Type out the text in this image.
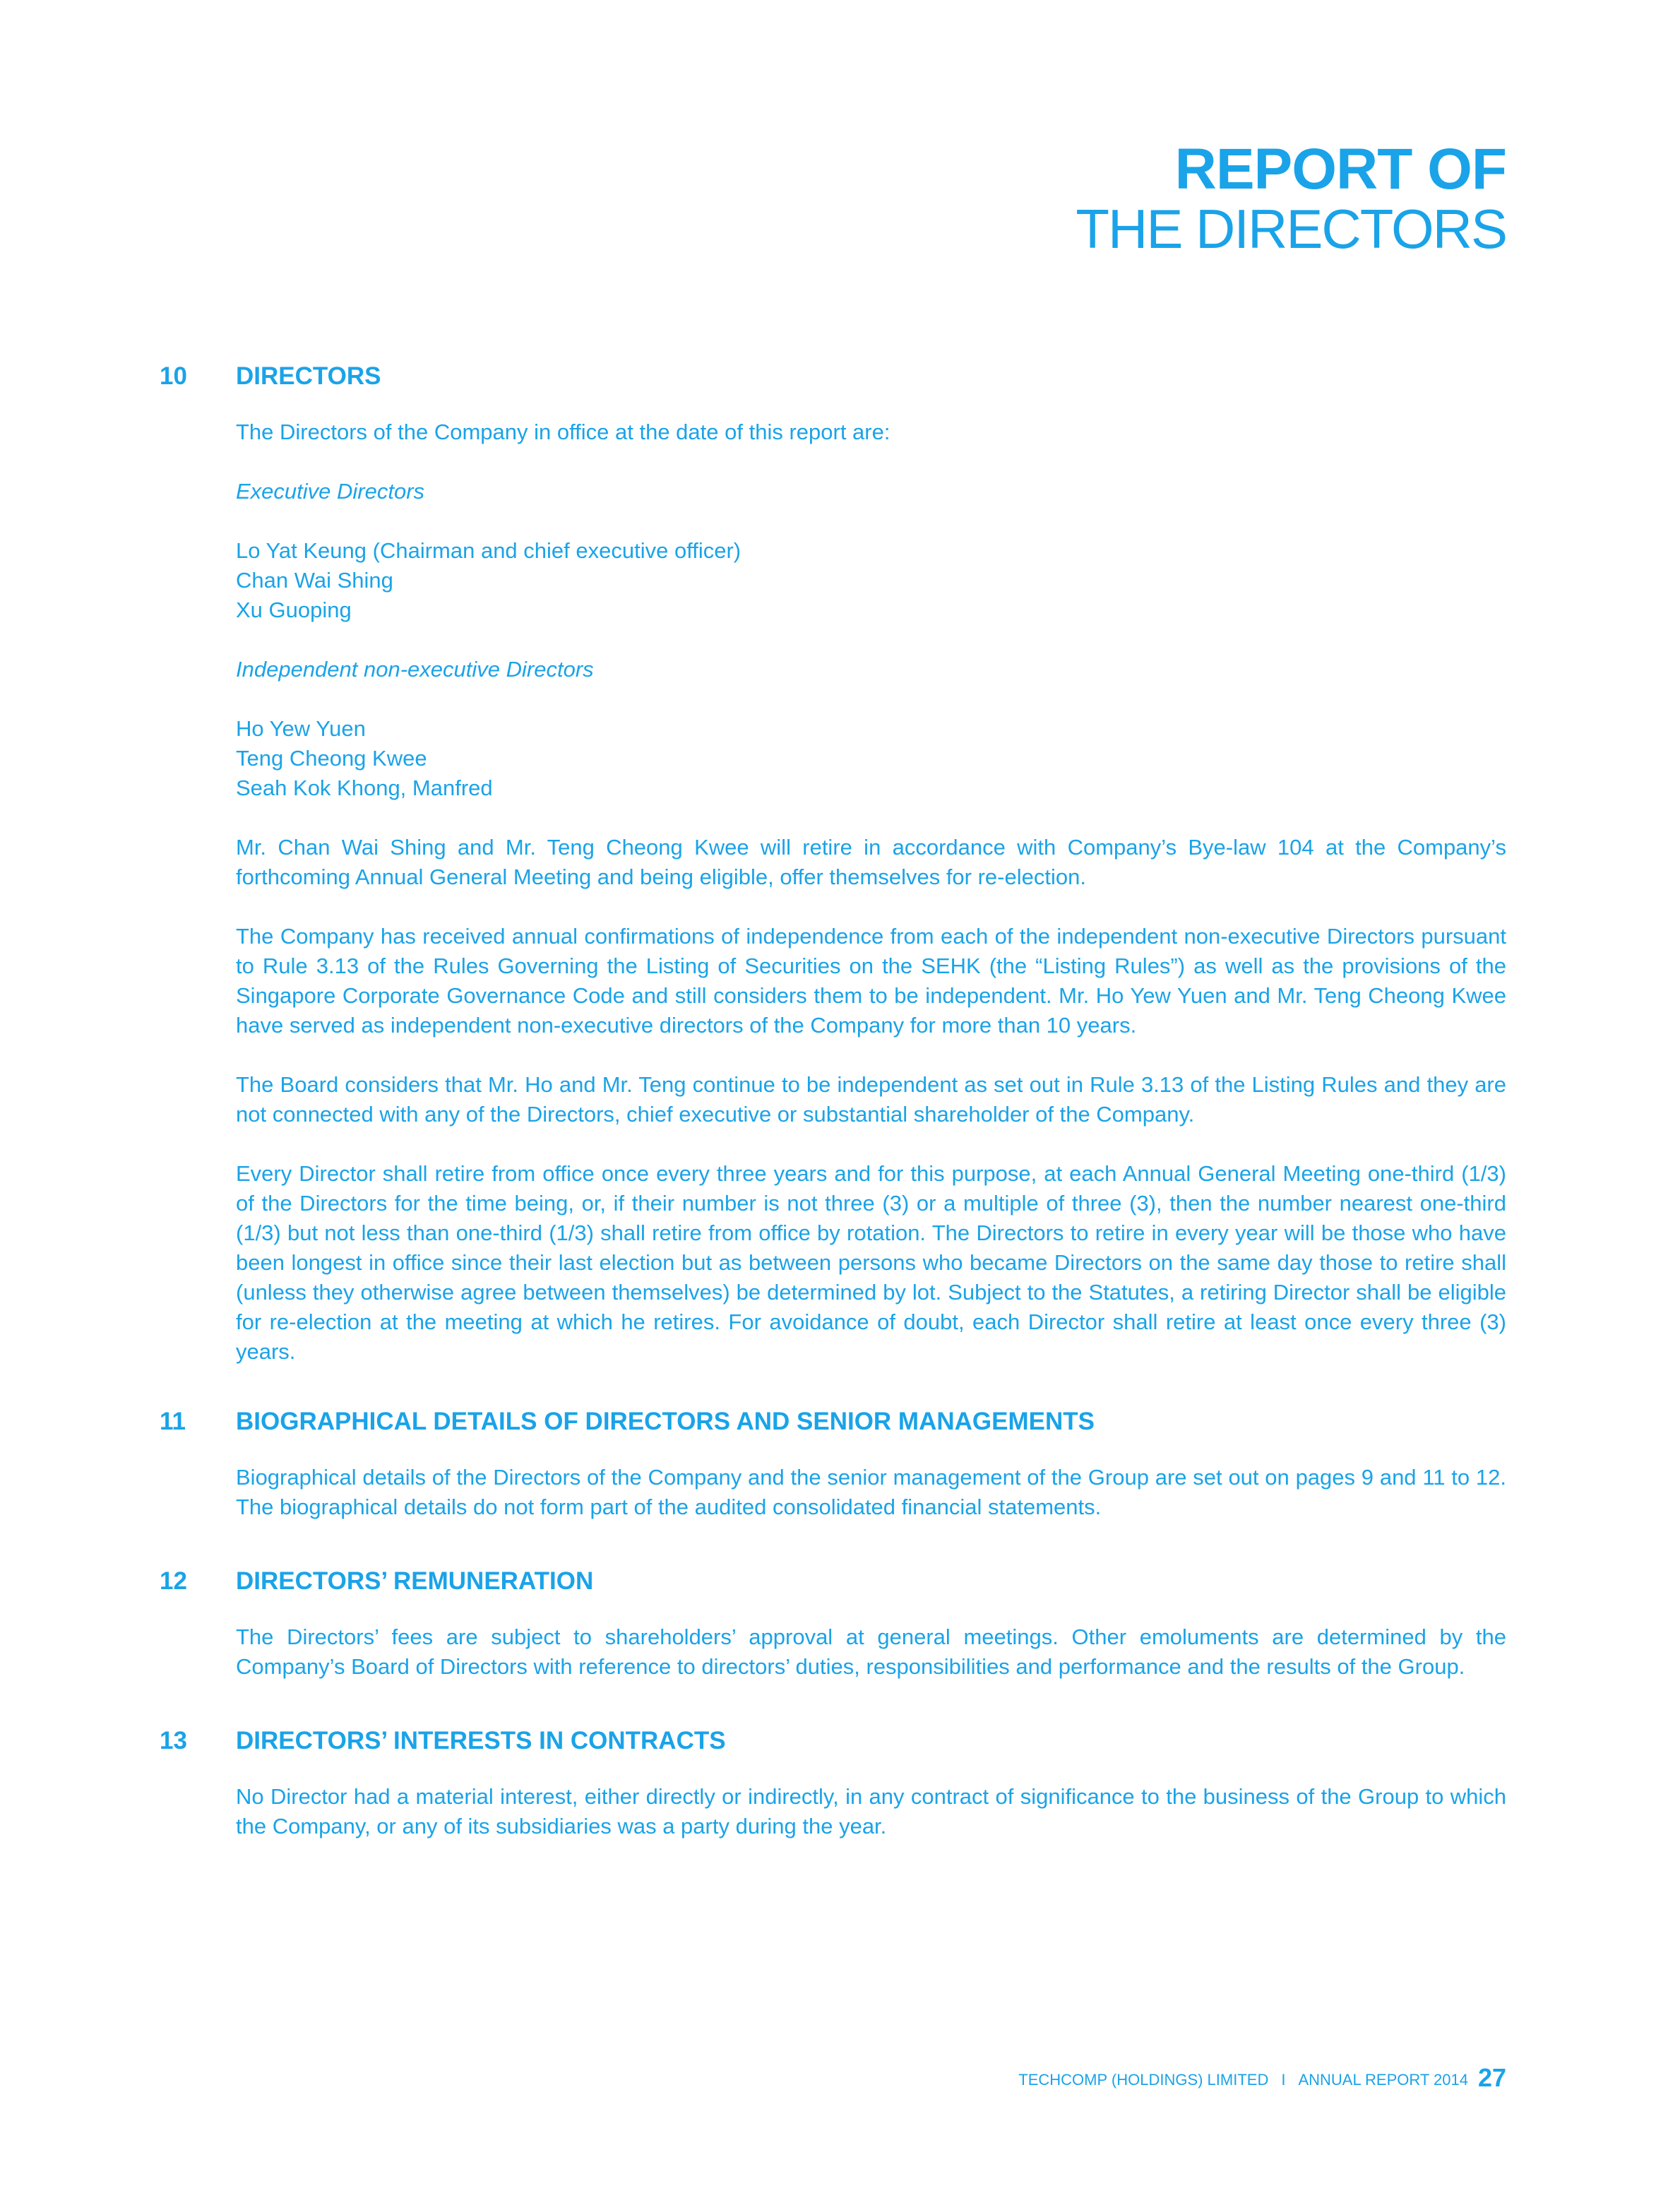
REPORT OF
THE DIRECTORS
10 DIRECTORS

The Directors of the Company in office at the date of this report are:

Executive Directors

Lo Yat Keung (Chairman and chief executive officer)
Chan Wai Shing
Xu Guoping

Independent non-executive Directors

Ho Yew Yuen
Teng Cheong Kwee
Seah Kok Khong, Manfred

Mr. Chan Wai Shing and Mr. Teng Cheong Kwee will retire in accordance with Company’s Bye-law 104 at the Company’s forthcoming Annual General Meeting and being eligible, offer themselves for re-election.

The Company has received annual confirmations of independence from each of the independent non-executive Directors pursuant to Rule 3.13 of the Rules Governing the Listing of Securities on the SEHK (the “Listing Rules”) as well as the provisions of the Singapore Corporate Governance Code and still considers them to be independent. Mr. Ho Yew Yuen and Mr. Teng Cheong Kwee have served as independent non-executive directors of the Company for more than 10 years.

The Board considers that Mr. Ho and Mr. Teng continue to be independent as set out in Rule 3.13 of the Listing Rules and they are not connected with any of the Directors, chief executive or substantial shareholder of the Company.

Every Director shall retire from office once every three years and for this purpose, at each Annual General Meeting one-third (1/3) of the Directors for the time being, or, if their number is not three (3) or a multiple of three (3), then the number nearest one-third (1/3) but not less than one-third (1/3) shall retire from office by rotation. The Directors to retire in every year will be those who have been longest in office since their last election but as between persons who became Directors on the same day those to retire shall (unless they otherwise agree between themselves) be determined by lot. Subject to the Statutes, a retiring Director shall be eligible for re-election at the meeting at which he retires. For avoidance of doubt, each Director shall retire at least once every three (3) years.

11 BIOGRAPHICAL DETAILS OF DIRECTORS AND SENIOR MANAGEMENTS

Biographical details of the Directors of the Company and the senior management of the Group are set out on pages 9 and 11 to 12. The biographical details do not form part of the audited consolidated financial statements.

12 DIRECTORS’ REMUNERATION

The Directors’ fees are subject to shareholders’ approval at general meetings. Other emoluments are determined by the Company’s Board of Directors with reference to directors’ duties, responsibilities and performance and the results of the Group.

13 DIRECTORS’ INTERESTS IN CONTRACTS

No Director had a material interest, either directly or indirectly, in any contract of significance to the business of the Group to which the Company, or any of its subsidiaries was a party during the year.

TECHCOMP (HOLDINGS) LIMITED I ANNUAL REPORT 2014 27
